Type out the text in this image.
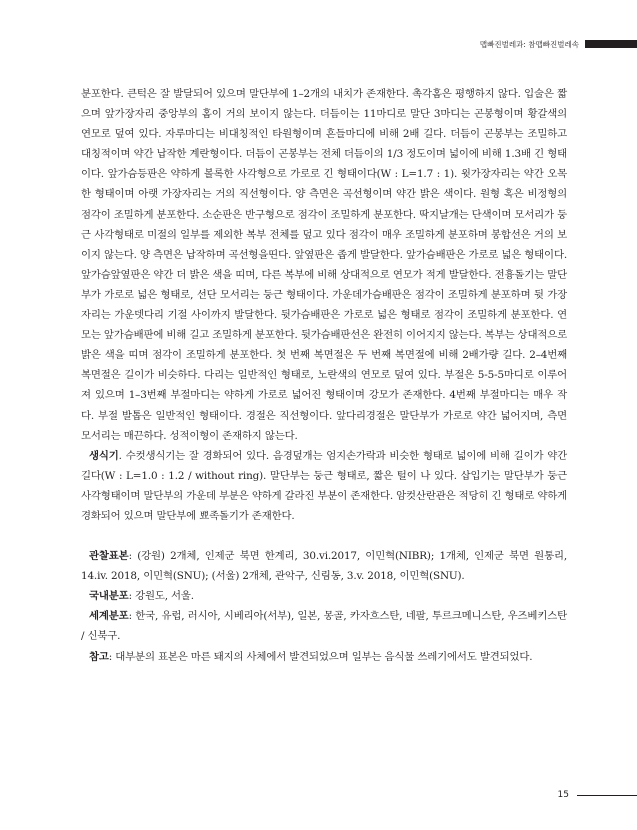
맵빠진벌레과: 참맵빠진벌레속

분포한다. 큰턱은 잘 발달되어 있으며 말단부에 1–2개의 내치가 존재한다. 촉각홈은 평행하지 않다. 입술은 짧으며 앞가장자리 중앙부의 홈이 거의 보이지 않는다. 더듬이는 11마디로 말단 3마디는 곤봉형이며 황갈색의 연모로 덮여 있다. 자루마디는 비대칭적인 타원형이며 흔들마디에 비해 2배 길다. 더듬이 곤봉부는 조밀하고 대칭적이며 약간 납작한 계란형이다. 더듬이 곤봉부는 전체 더듬이의 1/3 정도이며 넓이에 비해 1.3배 긴 형태이다. 앞가슴등판은 약하게 볼록한 사각형으로 가로로 긴 형태이다(W : L=1.7 : 1). 윗가장자리는 약간 오목한 형태이며 아랫 가장자리는 거의 직선형이다. 양 측면은 곡선형이며 약간 밝은 색이다. 원형 혹은 비정형의 점각이 조밀하게 분포한다. 소순판은 반구형으로 점각이 조밀하게 분포한다. 딱지날개는 단색이며 모서리가 둥근 사각형태로 미절의 일부를 제외한 복부 전체를 덮고 있다 점각이 매우 조밀하게 분포하며 봉합선은 거의 보이지 않는다. 양 측면은 납작하며 곡선형을띤다. 앞옆판은 좁게 발달한다. 앞가슴배판은 가로로 넓은 형태이다. 앞가슴앞옆판은 약간 더 밝은 색을 띠며, 다른 복부에 비해 상대적으로 연모가 적게 발달한다. 전흉돌기는 말단부가 가로로 넓은 형태로, 선단 모서리는 둥근 형태이다. 가운데가슴배판은 점각이 조밀하게 분포하며 뒷 가장자리는 가운뎃다리 기절 사이까지 발달한다. 뒷가슴배판은 가로로 넓은 형태로 점각이 조밀하게 분포한다. 연모는 앞가슴배판에 비해 길고 조밀하게 분포한다. 뒷가슴배판선은 완전히 이어지지 않는다. 복부는 상대적으로 밝은 색을 띠며 점각이 조밀하게 분포한다. 첫 번째 복면절은 두 번째 복면절에 비해 2배가량 길다. 2–4번째 복면절은 길이가 비슷하다. 다리는 일반적인 형태로, 노란색의 연모로 덮여 있다. 부절은 5-5-5마디로 이루어져 있으며 1–3번째 부절마디는 약하게 가로로 넓어진 형태이며 강모가 존재한다. 4번째 부절마디는 매우 작다. 부절 발톱은 일반적인 형태이다. 경절은 직선형이다. 앞다리경절은 말단부가 가로로 약간 넓어지며, 측면 모서리는 매끈하다. 성적이형이 존재하지 않는다.

생식기. 수컷생식기는 잘 경화되어 있다. 음경덮개는 엄지손가락과 비슷한 형태로 넓이에 비해 길이가 약간 길다(W : L=1.0 : 1.2 / without ring). 말단부는 둥근 형태로, 짧은 털이 나 있다. 삽입기는 말단부가 둥근 사각형태이며 말단부의 가운데 부분은 약하게 갈라진 부분이 존재한다. 암컷산란관은 적당히 긴 형태로 약하게 경화되어 있으며 말단부에 뾰족돌기가 존재한다.

관찰표본: (강원) 2개체, 인제군 북면 한계리, 30.vi.2017, 이민혁(NIBR); 1개체, 인제군 북면 원통리, 14.iv. 2018, 이민혁(SNU); (서울) 2개체, 관악구, 신림동, 3.v. 2018, 이민혁(SNU).

국내분포: 강원도, 서울.

세계분포: 한국, 유럽, 러시아, 시베리아(서부), 일본, 몽골, 카자흐스탄, 네팔, 투르크메니스탄, 우즈베키스탄 / 신북구.

참고: 대부분의 표본은 마른 돼지의 사체에서 발견되었으며 일부는 음식물 쓰레기에서도 발견되었다.

15
